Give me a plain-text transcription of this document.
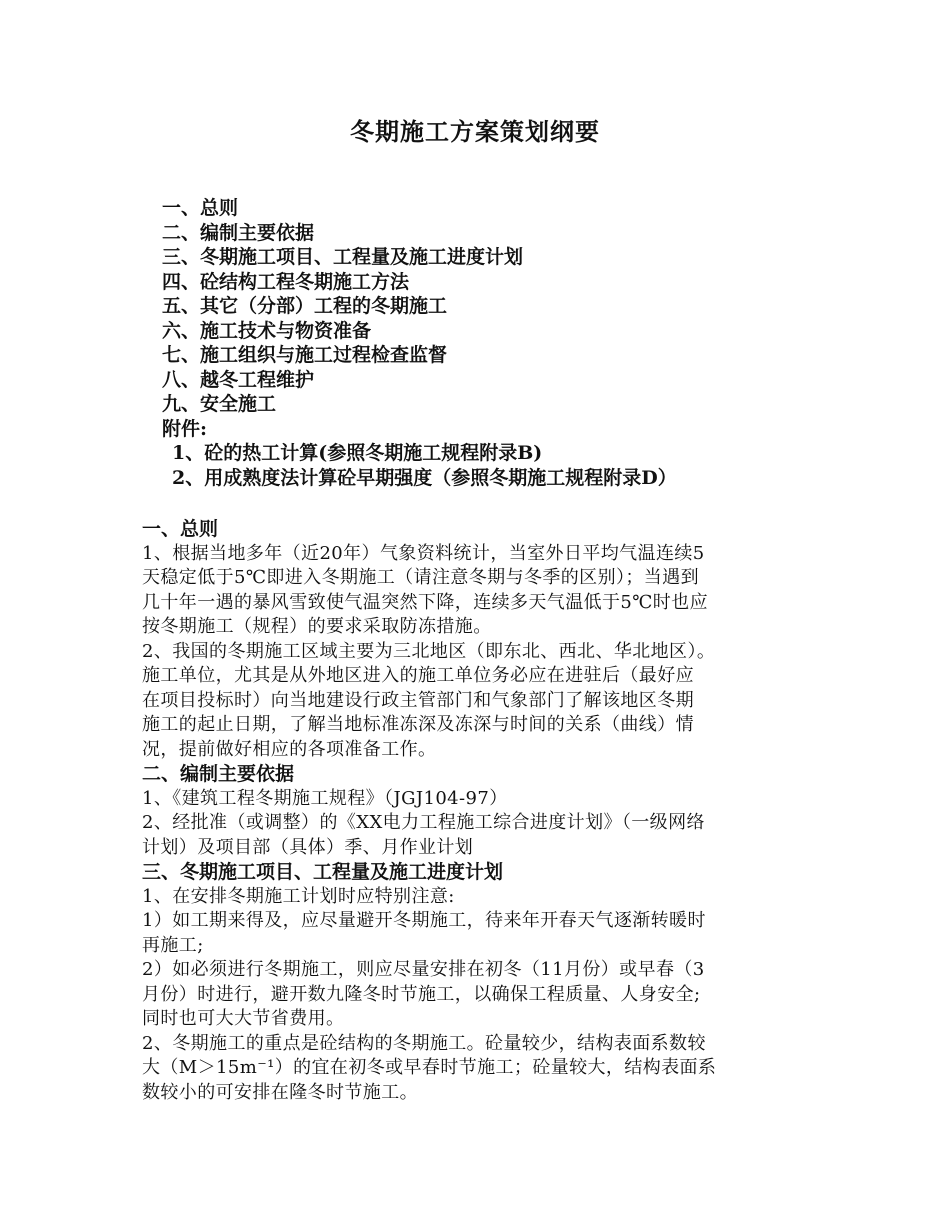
冬期施工方案策划纲要
一、总则
二、编制主要依据
三、冬期施工项目、工程量及施工进度计划
四、砼结构工程冬期施工方法
五、其它（分部）工程的冬期施工
六、施工技术与物资准备
七、施工组织与施工过程检查监督
八、越冬工程维护
九、安全施工
附件:
1、砼的热工计算(参照冬期施工规程附录B)
2、用成熟度法计算砼早期强度（参照冬期施工规程附录D）
一、总则
1、根据当地多年（近20年）气象资料统计，当室外日平均气温连续5
天稳定低于5℃即进入冬期施工（请注意冬期与冬季的区别）；当遇到
几十年一遇的暴风雪致使气温突然下降，连续多天气温低于5℃时也应
按冬期施工（规程）的要求采取防冻措施。
2、我国的冬期施工区域主要为三北地区（即东北、西北、华北地区）。
施工单位，尤其是从外地区进入的施工单位务必应在进驻后（最好应
在项目投标时）向当地建设行政主管部门和气象部门了解该地区冬期
施工的起止日期，了解当地标准冻深及冻深与时间的关系（曲线）情
况，提前做好相应的各项准备工作。
二、编制主要依据
1、《建筑工程冬期施工规程》（JGJ104-97）
2、经批准（或调整）的《XX电力工程施工综合进度计划》（一级网络
计划）及项目部（具体）季、月作业计划
三、冬期施工项目、工程量及施工进度计划
1、在安排冬期施工计划时应特别注意:
1）如工期来得及，应尽量避开冬期施工，待来年开春天气逐渐转暖时
再施工;
2）如必须进行冬期施工，则应尽量安排在初冬（11月份）或早春（3
月份）时进行，避开数九隆冬时节施工，以确保工程质量、人身安全;
同时也可大大节省费用。
2、冬期施工的重点是砼结构的冬期施工。砼量较少，结构表面系数较
大（M＞15m⁻¹）的宜在初冬或早春时节施工；砼量较大，结构表面系
数较小的可安排在隆冬时节施工。
